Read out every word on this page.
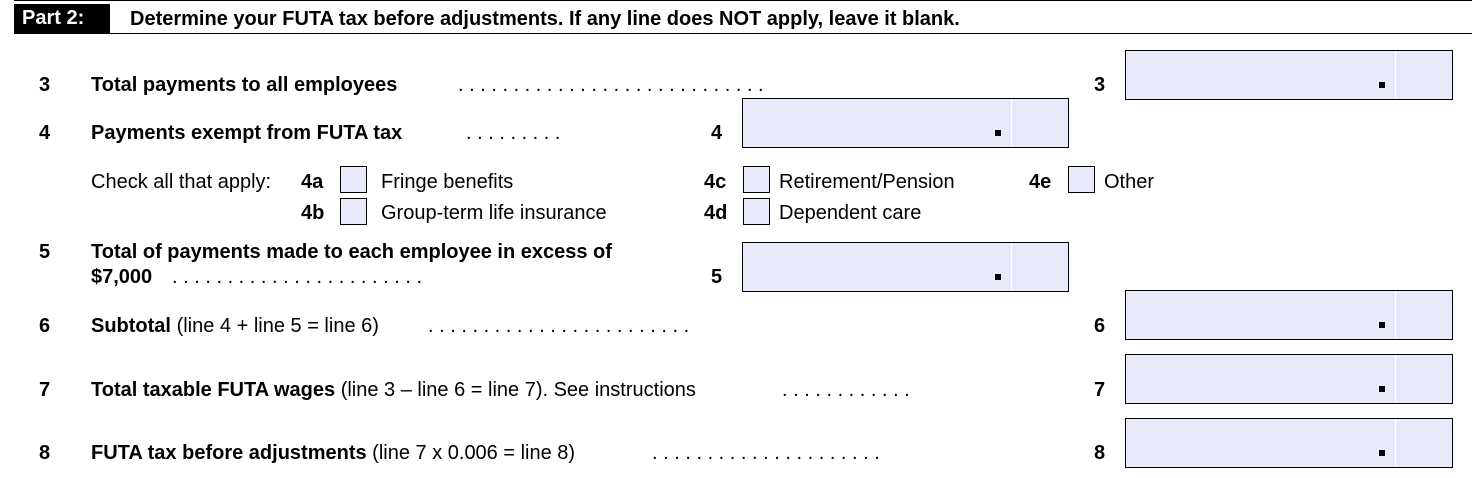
Part 2:	Determine your FUTA tax before adjustments. If any line does NOT apply, leave it blank.
3 Total payments to all employees	. . . . . . . . . . . . . . . . . . . . . . . . . . . .	3
4 Payments exempt from FUTA tax	. . . . . . . . .	4
Check all that apply: 4a	Fringe benefits
4b	Group-term life insurance
4c	Retirement/Pension
4d	Dependent care
4e	Other
5 Total of payments made to each employee in excess of
$7,000 . . . . . . . . . . . . . . . . . . . . . . .	5
6 Subtotal (line 4 + line 5 = line 6) . . . . . . . . . . . . . . . . . . . . . . . .	6
7 Total taxable FUTA wages (line 3 – line 6 = line 7). See instructions	. . . . . . . . . . . .	7
8 FUTA tax before adjustments (line 7 x 0.006 = line 8)	. . . . . . . . . . . . . . . . . . . . .	8
